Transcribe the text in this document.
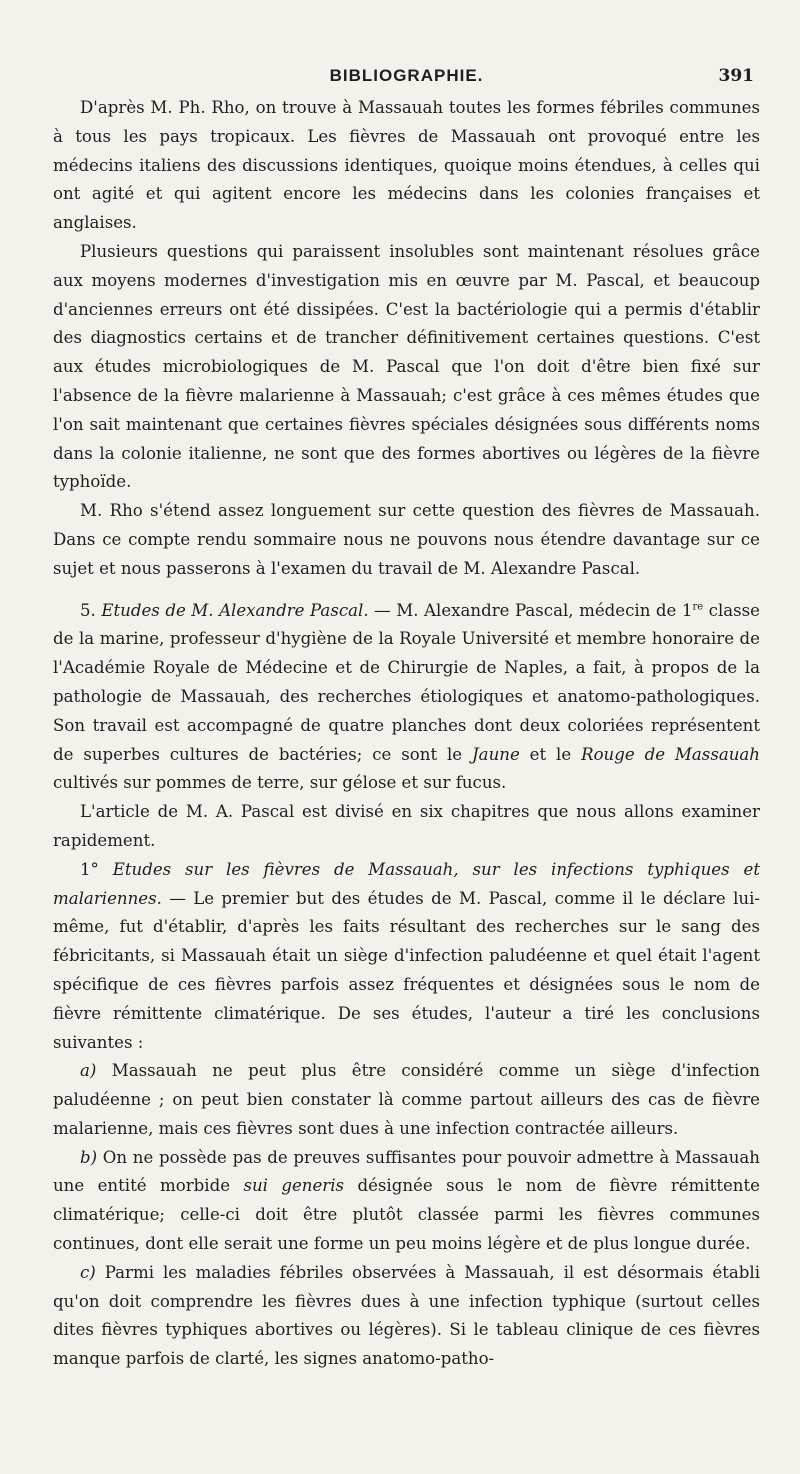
BIBLIOGRAPHIE.	391

D'après M. Ph. Rho, on trouve à Massauah toutes les formes fébriles communes à tous les pays tropicaux. Les fièvres de Massauah ont provoqué entre les médecins italiens des discussions identiques, quoique moins étendues, à celles qui ont agité et qui agitent encore les médecins dans les colonies françaises et anglaises.

Plusieurs questions qui paraissent insolubles sont maintenant résolues grâce aux moyens modernes d'investigation mis en œuvre par M. Pascal, et beaucoup d'anciennes erreurs ont été dissipées. C'est la bactériologie qui a permis d'établir des diagnostics certains et de trancher définitivement certaines questions. C'est aux études microbiologiques de M. Pascal que l'on doit d'être bien fixé sur l'absence de la fièvre malarienne à Massauah; c'est grâce à ces mêmes études que l'on sait maintenant que certaines fièvres spéciales désignées sous différents noms dans la colonie italienne, ne sont que des formes abortives ou légères de la fièvre typhoïde.

M. Rho s'étend assez longuement sur cette question des fièvres de Massauah. Dans ce compte rendu sommaire nous ne pouvons nous étendre davantage sur ce sujet et nous passerons à l'examen du travail de M. Alexandre Pascal.

5. Etudes de M. Alexandre Pascal. — M. Alexandre Pascal, médecin de 1re classe de la marine, professeur d'hygiène de la Royale Université et membre honoraire de l'Académie Royale de Médecine et de Chirurgie de Naples, a fait, à propos de la pathologie de Massauah, des recherches étiologiques et anatomo-pathologiques. Son travail est accompagné de quatre planches dont deux coloriées représentent de superbes cultures de bactéries; ce sont le Jaune et le Rouge de Massauah cultivés sur pommes de terre, sur gélose et sur fucus.

L'article de M. A. Pascal est divisé en six chapitres que nous allons examiner rapidement.

1° Etudes sur les fièvres de Massauah, sur les infections typhiques et malariennes. — Le premier but des études de M. Pascal, comme il le déclare lui-même, fut d'établir, d'après les faits résultant des recherches sur le sang des fébricitants, si Massauah était un siège d'infection paludéenne et quel était l'agent spécifique de ces fièvres parfois assez fréquentes et désignées sous le nom de fièvre rémittente climatérique. De ses études, l'auteur a tiré les conclusions suivantes :

a) Massauah ne peut plus être considéré comme un siège d'infection paludéenne ; on peut bien constater là comme partout ailleurs des cas de fièvre malarienne, mais ces fièvres sont dues à une infection contractée ailleurs.

b) On ne possède pas de preuves suffisantes pour pouvoir admettre à Massauah une entité morbide sui generis désignée sous le nom de fièvre rémittente climatérique; celle-ci doit être plutôt classée parmi les fièvres communes continues, dont elle serait une forme un peu moins légère et de plus longue durée.

c) Parmi les maladies fébriles observées à Massauah, il est désormais établi qu'on doit comprendre les fièvres dues à une infection typhique (surtout celles dites fièvres typhiques abortives ou légères). Si le tableau clinique de ces fièvres manque parfois de clarté, les signes anatomo-patho-
